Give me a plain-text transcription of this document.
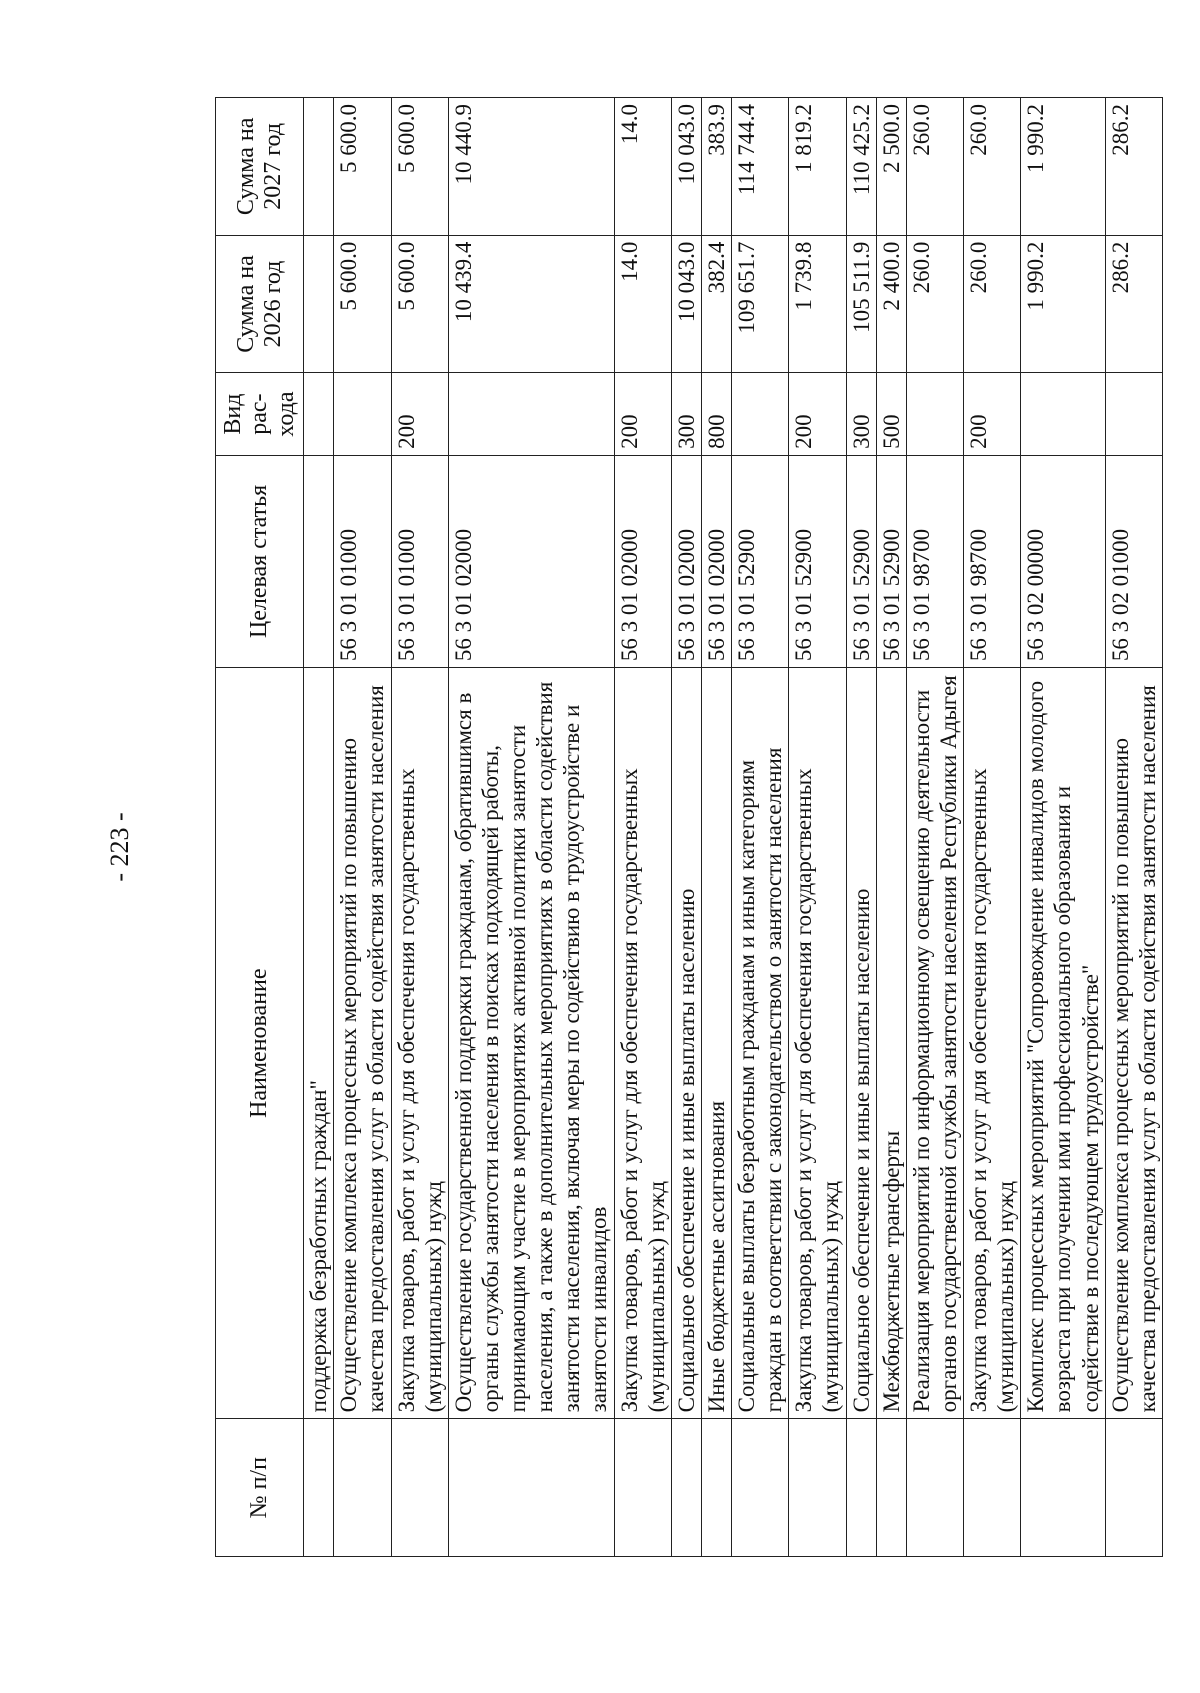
- 223 -
№ п/п	Наименование	Целевая статья	Вид рас-хода	Сумма на 2026 год	Сумма на 2027 год
	поддержка безработных граждан"				
	Осуществление комплекса процессных мероприятий по повышению качества предоставления услуг в области содействия занятости населения	56 3 01 01000		5 600.0	5 600.0
	Закупка товаров, работ и услуг для обеспечения государственных (муниципальных) нужд	56 3 01 01000	200	5 600.0	5 600.0
	Осуществление государственной поддержки гражданам, обратившимся в органы службы занятости населения в поисках подходящей работы, принимающим участие в мероприятиях активной политики занятости населения, а также в дополнительных мероприятиях в области содействия занятости населения, включая меры по содействию в трудоустройстве и занятости инвалидов	56 3 01 02000		10 439.4	10 440.9
	Закупка товаров, работ и услуг для обеспечения государственных (муниципальных) нужд	56 3 01 02000	200	14.0	14.0
	Социальное обеспечение и иные выплаты населению	56 3 01 02000	300	10 043.0	10 043.0
	Иные бюджетные ассигнования	56 3 01 02000	800	382.4	383.9
	Социальные выплаты безработным гражданам и иным категориям граждан в соответствии с законодательством о занятости населения	56 3 01 52900		109 651.7	114 744.4
	Закупка товаров, работ и услуг для обеспечения государственных (муниципальных) нужд	56 3 01 52900	200	1 739.8	1 819.2
	Социальное обеспечение и иные выплаты населению	56 3 01 52900	300	105 511.9	110 425.2
	Межбюджетные трансферты	56 3 01 52900	500	2 400.0	2 500.0
	Реализация мероприятий по информационному освещению деятельности органов государственной службы занятости населения Республики Адыгея	56 3 01 98700		260.0	260.0
	Закупка товаров, работ и услуг для обеспечения государственных (муниципальных) нужд	56 3 01 98700	200	260.0	260.0
	Комплекс процессных мероприятий "Сопровождение инвалидов молодого возраста при получении ими профессионального образования и содействие в последующем трудоустройстве"	56 3 02 00000		1 990.2	1 990.2
	Осуществление комплекса процессных мероприятий по повышению качества предоставления услуг в области содействия занятости населения	56 3 02 01000		286.2	286.2
